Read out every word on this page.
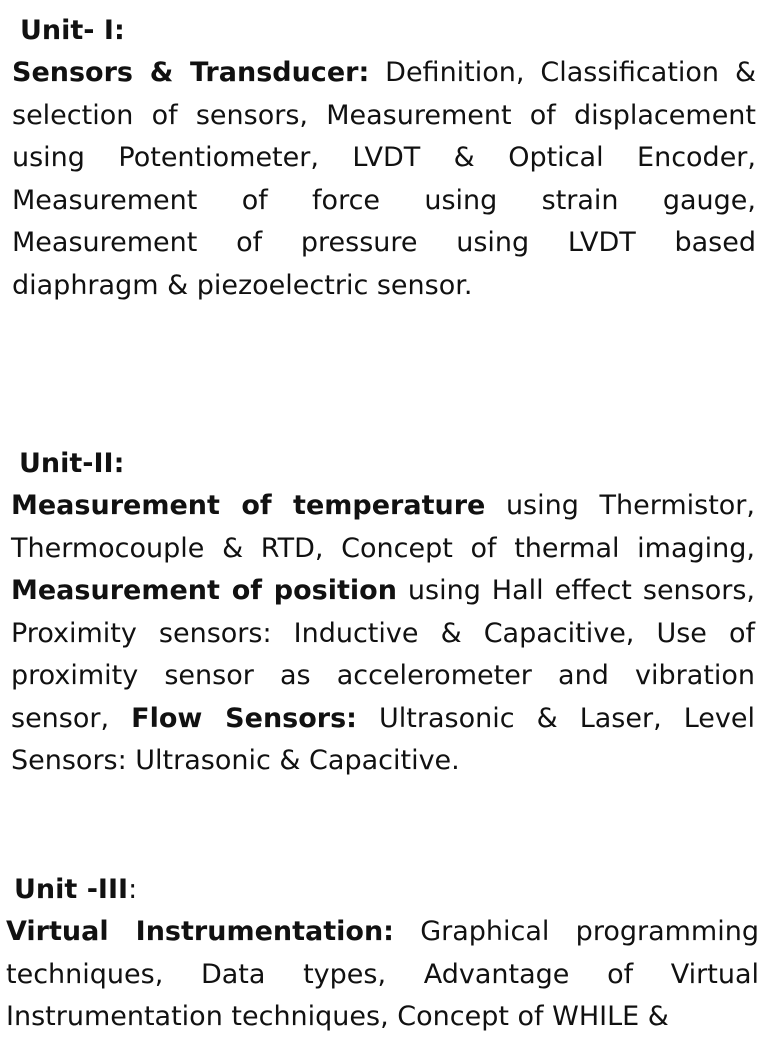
Unit- I:

Sensors & Transducer: Definition, Classification & selection of sensors, Measurement of displacement using Potentiometer, LVDT & Optical Encoder, Measurement of force using strain gauge, Measurement of pressure using LVDT based diaphragm & piezoelectric sensor.

Unit-II:

Measurement of temperature using Thermistor, Thermocouple & RTD, Concept of thermal imaging, Measurement of position using Hall effect sensors, Proximity sensors: Inductive & Capacitive, Use of proximity sensor as accelerometer and vibration sensor, Flow Sensors: Ultrasonic & Laser, Level Sensors: Ultrasonic & Capacitive.

Unit -III:

Virtual Instrumentation: Graphical programming techniques, Data types, Advantage of Virtual Instrumentation techniques, Concept of WHILE &
